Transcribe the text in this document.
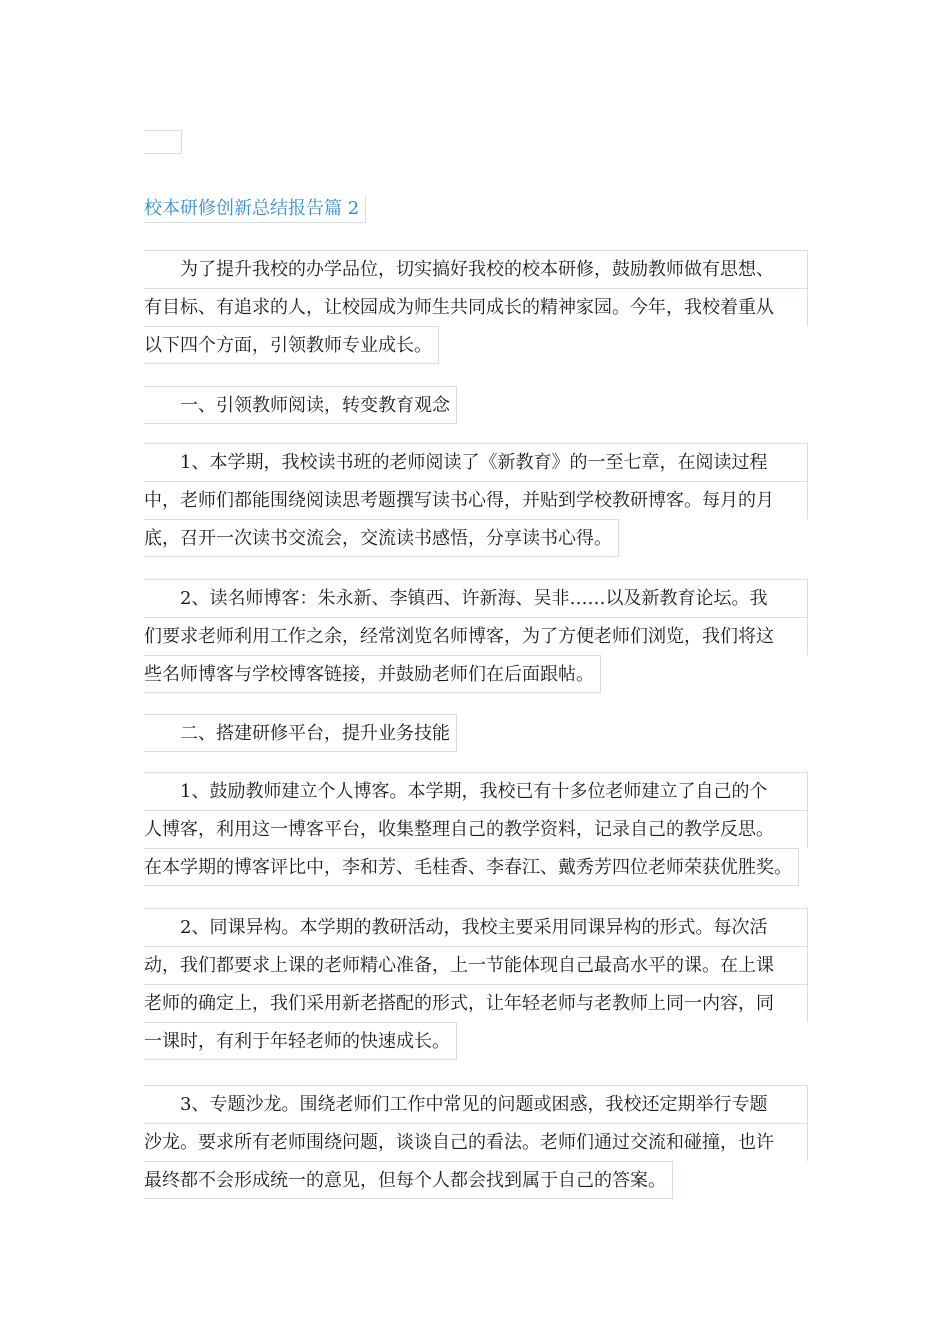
校本研修创新总结报告篇 2
为了提升我校的办学品位，切实搞好我校的校本研修，鼓励教师做有思想、
有目标、有追求的人，让校园成为师生共同成长的精神家园。今年，我校着重从
以下四个方面，引领教师专业成长。
一、引领教师阅读，转变教育观念
1、本学期，我校读书班的老师阅读了《新教育》的一至七章，在阅读过程
中，老师们都能围绕阅读思考题撰写读书心得，并贴到学校教研博客。每月的月
底，召开一次读书交流会，交流读书感悟，分享读书心得。
2、读名师博客：朱永新、李镇西、许新海、吴非……以及新教育论坛。我
们要求老师利用工作之余，经常浏览名师博客，为了方便老师们浏览，我们将这
些名师博客与学校博客链接，并鼓励老师们在后面跟帖。
二、搭建研修平台，提升业务技能
1、鼓励教师建立个人博客。本学期，我校已有十多位老师建立了自己的个
人博客，利用这一博客平台，收集整理自己的教学资料，记录自己的教学反思。
在本学期的博客评比中，李和芳、毛桂香、李春江、戴秀芳四位老师荣获优胜奖。
2、同课异构。本学期的教研活动，我校主要采用同课异构的形式。每次活
动，我们都要求上课的老师精心准备，上一节能体现自己最高水平的课。在上课
老师的确定上，我们采用新老搭配的形式，让年轻老师与老教师上同一内容，同
一课时，有利于年轻老师的快速成长。
3、专题沙龙。围绕老师们工作中常见的问题或困惑，我校还定期举行专题
沙龙。要求所有老师围绕问题，谈谈自己的看法。老师们通过交流和碰撞，也许
最终都不会形成统一的意见，但每个人都会找到属于自己的答案。
